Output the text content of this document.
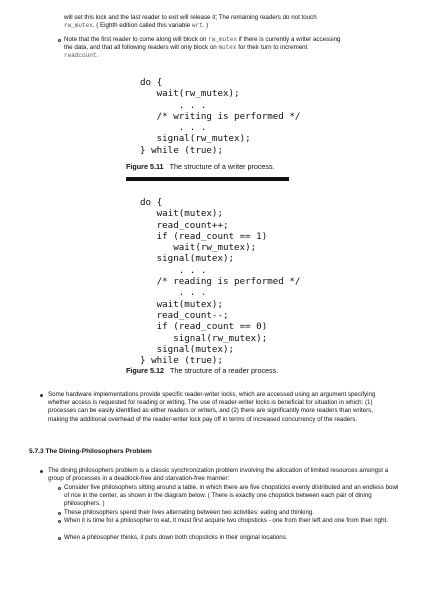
will set this lock and the last reader to exit will release it; The remaining readers do not touch
rw_mutex. ( Eighth edition called this variable wrt. )
Note that the first reader to come along will block on rw_mutex if there is currently a writer accessing
the data, and that all following readers will only block on mutex for their turn to increment
readcount.
do {
wait(rw_mutex);
. . .
/* writing is performed */
. . .
signal(rw_mutex);
} while (true);
Figure 5.11 The structure of a writer process.
do {
wait(mutex);
read_count++;
if (read_count == 1)
wait(rw_mutex);
signal(mutex);
. . .
/* reading is performed */
. . .
wait(mutex);
read_count--;
if (read_count == 0)
signal(rw_mutex);
signal(mutex);
} while (true);
Figure 5.12 The structure of a reader process.
Some hardware implementations provide specific reader-writer locks, which are accessed using an argument specifying whether access is requested for reading or writing. The use of reader-writer locks is beneficial for situation in which: (1) processes can be easily identified as either readers or writers, and (2) there are significantly more readers than writers, making the additional overhead of the reader-writer lock pay off in terms of increased concurrency of the readers.
5.7.3 The Dining-Philosophers Problem
The dining philosophers problem is a classic synchronization problem involving the allocation of limited resources amongst a group of processes in a deadlock-free and starvation-free manner:
Consider five philosophers sitting around a table, in which there are five chopsticks evenly distributed and an endless bowl of rice in the center, as shown in the diagram below. ( There is exactly one chopstick between each pair of dining philosophers. )
These philosophers spend their lives alternating between two activities: eating and thinking.
When it is time for a philosopher to eat, it must first acquire two chopsticks - one from their left and one from their right.
When a philosopher thinks, it puts down both chopsticks in their original locations.
